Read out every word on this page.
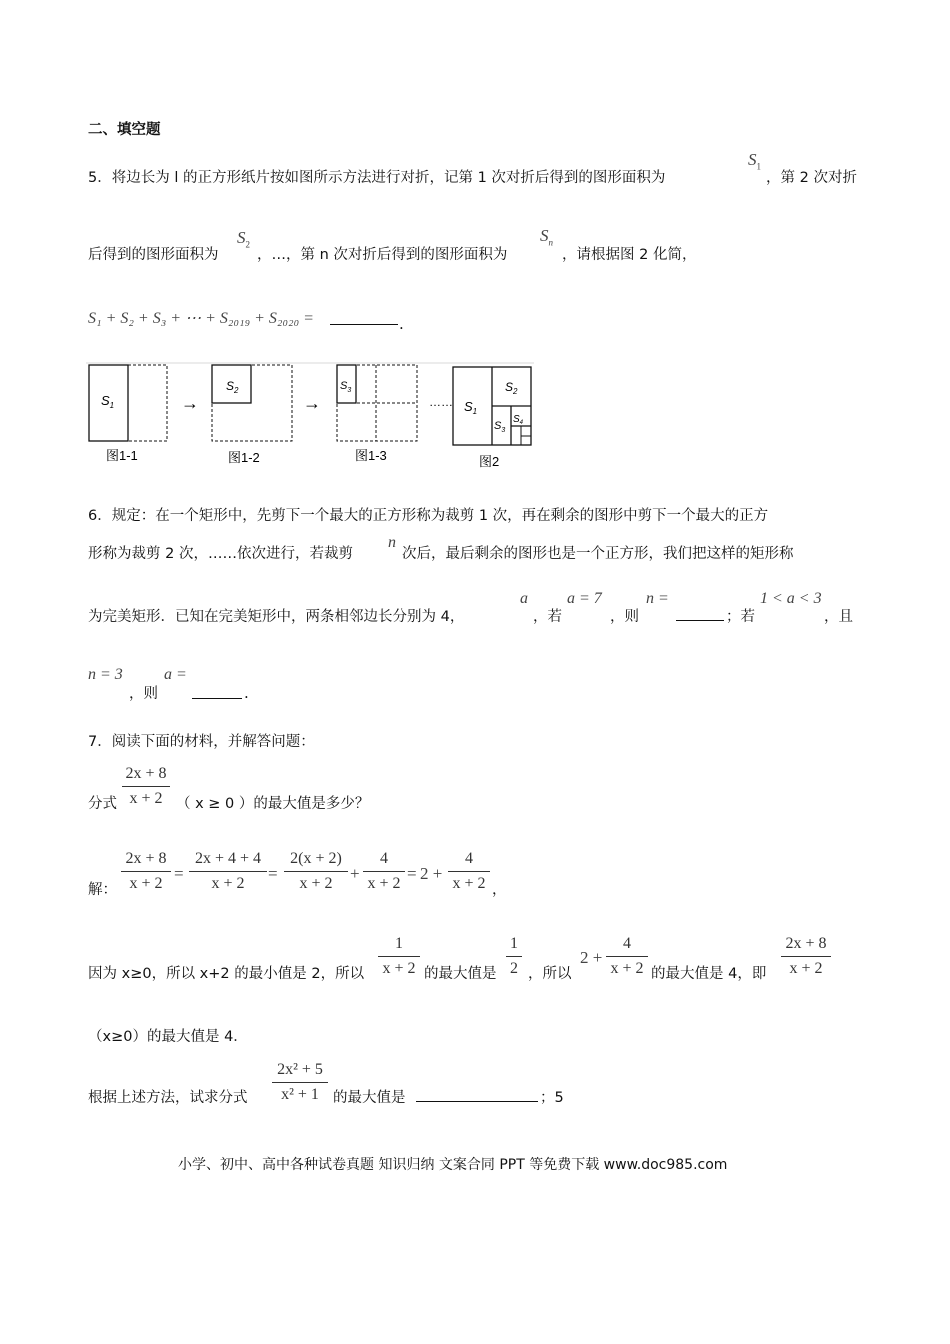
二、填空题
5．将边长为 l 的正方形纸片按如图所示方法进行对折，记第 1 次对折后得到的图形面积为
$S_1$
，第 2 次对折
后得到的图形面积为
$S_2$
，…，第 n 次对折后得到的图形面积为
$S_n$
，请根据图 2 化简，
S₁ + S₂ + S₃ + ⋯ + S₂₀₁₉ + S₂₀₂₀ =	.
$S_1$	→
$S_2$
→
$S_3$
…… $S_1$
$S_2$
$S_3$
$S_4$
图1-1	图1-2	图1-3	图2
6．规定：在一个矩形中，先剪下一个最大的正方形称为裁剪 1 次，再在剩余的图形中剪下一个最大的正方
形称为裁剪 2 次，……依次进行，若裁剪
n
次后，最后剩余的图形也是一个正方形，我们把这样的矩形称
为完美矩形．已知在完美矩形中，两条相邻边长分别为 4，
a
，若
a = 7
，则
n =
；若
1 < a < 3
，且
n = 3
，则
a =
.
7．阅读下面的材料，并解答问题：
分式
2x + 8
x + 2 （ x ≥ 0 ）的最大值是多少？
解：
2x + 8
x + 2
=
2x + 4 + 4
x + 2
=
2(x + 2)
x + 2
+
4
x + 2
= 2 +
4
x + 2 ，
因为 x≥0，所以 x+2 的最小值是 2，所以
1
x + 2 的最大值是
1
2 ，所以
2 +
4
x + 2 的最大值是 4，即
2x + 8
x + 2
（x≥0）的最大值是 4．
根据上述方法，试求分式
2x² + 5
x² + 1 的最大值是	；5
小学、初中、高中各种试卷真题 知识归纳 文案合同 PPT 等免费下载 www.doc985.com
